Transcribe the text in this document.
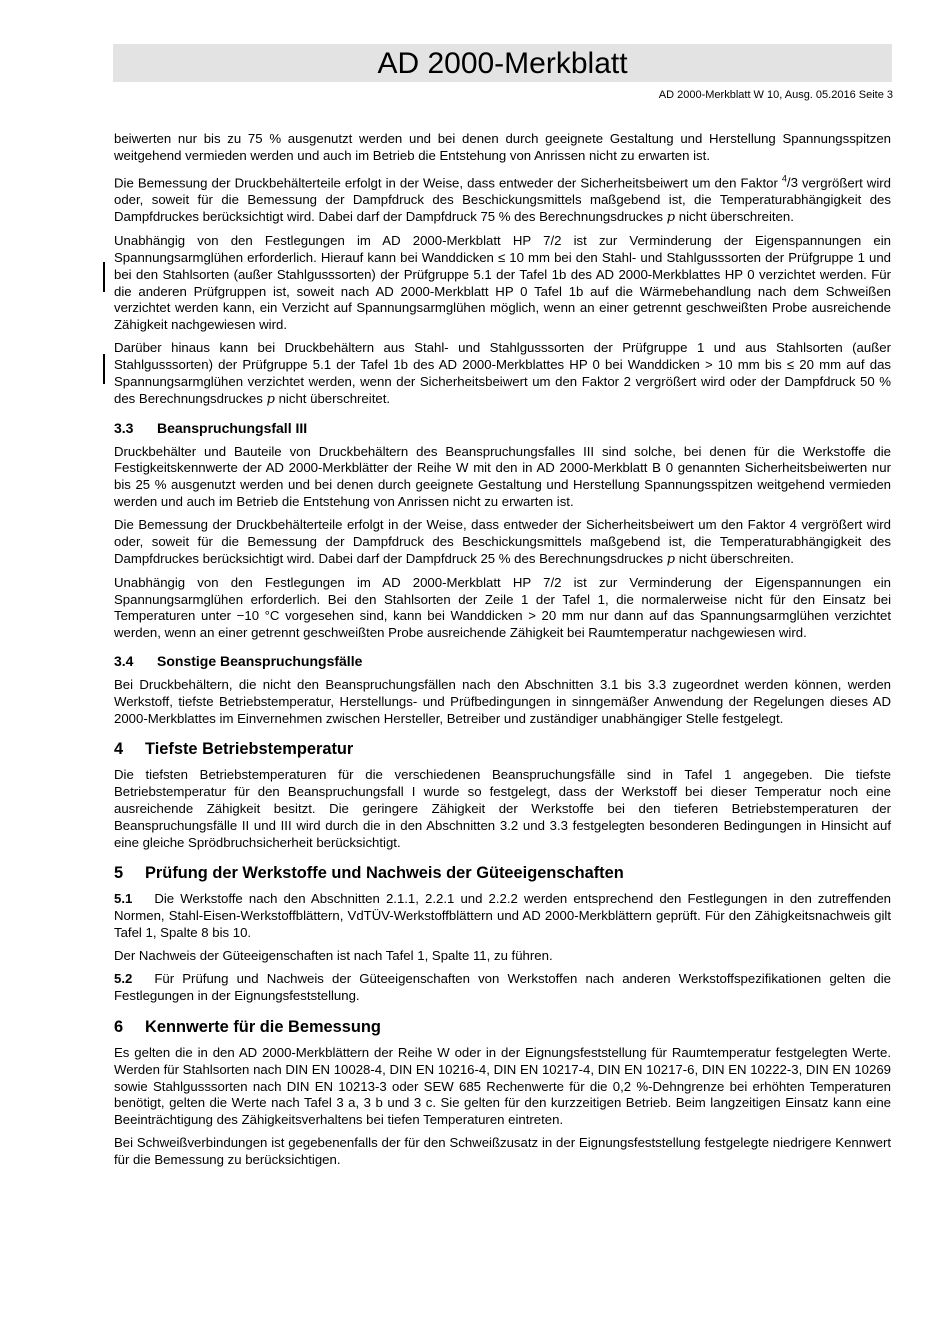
AD 2000-Merkblatt
AD 2000-Merkblatt W 10, Ausg. 05.2016 Seite 3

beiwerten nur bis zu 75 % ausgenutzt werden und bei denen durch geeignete Gestaltung und Herstellung Spannungsspitzen weitgehend vermieden werden und auch im Betrieb die Entstehung von Anrissen nicht zu erwarten ist.

Die Bemessung der Druckbehälterteile erfolgt in der Weise, dass entweder der Sicherheitsbeiwert um den Faktor $^4$/3 vergrößert wird oder, soweit für die Bemessung der Dampfdruck des Beschickungsmittels maßgebend ist, die Temperaturabhängigkeit des Dampfdruckes berücksichtigt wird. Dabei darf der Dampfdruck 75 % des Berechnungsdruckes p nicht überschreiten.

Unabhängig von den Festlegungen im AD 2000-Merkblatt HP 7/2 ist zur Verminderung der Eigenspannungen ein Spannungsarmglühen erforderlich. Hierauf kann bei Wanddicken ≤ 10 mm bei den Stahl- und Stahlgusssorten der Prüfgruppe 1 und bei den Stahlsorten (außer Stahlgusssorten) der Prüfgruppe 5.1 der Tafel 1b des AD 2000-Merkblattes HP 0 verzichtet werden. Für die anderen Prüfgruppen ist, soweit nach AD 2000-Merkblatt HP 0 Tafel 1b auf die Wärmebehandlung nach dem Schweißen verzichtet werden kann, ein Verzicht auf Spannungsarmglühen möglich, wenn an einer getrennt geschweißten Probe ausreichende Zähigkeit nachgewiesen wird.

Darüber hinaus kann bei Druckbehältern aus Stahl- und Stahlgusssorten der Prüfgruppe 1 und aus Stahlsorten (außer Stahlgusssorten) der Prüfgruppe 5.1 der Tafel 1b des AD 2000-Merkblattes HP 0 bei Wanddicken > 10 mm bis ≤ 20 mm auf das Spannungsarmglühen verzichtet werden, wenn der Sicherheitsbeiwert um den Faktor 2 vergrößert wird oder der Dampfdruck 50 % des Berechnungsdruckes p nicht überschreitet.

3.3 Beanspruchungsfall III

Druckbehälter und Bauteile von Druckbehältern des Beanspruchungsfalles III sind solche, bei denen für die Werkstoffe die Festigkeitskennwerte der AD 2000-Merkblätter der Reihe W mit den in AD 2000-Merkblatt B 0 genannten Sicherheitsbeiwerten nur bis 25 % ausgenutzt werden und bei denen durch geeignete Gestaltung und Herstellung Spannungsspitzen weitgehend vermieden werden und auch im Betrieb die Entstehung von Anrissen nicht zu erwarten ist.

Die Bemessung der Druckbehälterteile erfolgt in der Weise, dass entweder der Sicherheitsbeiwert um den Faktor 4 vergrößert wird oder, soweit für die Bemessung der Dampfdruck des Beschickungsmittels maßgebend ist, die Temperaturabhängigkeit des Dampfdruckes berücksichtigt wird. Dabei darf der Dampfdruck 25 % des Berechnungsdruckes p nicht überschreiten.

Unabhängig von den Festlegungen im AD 2000-Merkblatt HP 7/2 ist zur Verminderung der Eigenspannungen ein Spannungsarmglühen erforderlich. Bei den Stahlsorten der Zeile 1 der Tafel 1, die normalerweise nicht für den Einsatz bei Temperaturen unter −10 °C vorgesehen sind, kann bei Wanddicken > 20 mm nur dann auf das Spannungsarmglühen verzichtet werden, wenn an einer getrennt geschweißten Probe ausreichende Zähigkeit bei Raumtemperatur nachgewiesen wird.

3.4 Sonstige Beanspruchungsfälle

Bei Druckbehältern, die nicht den Beanspruchungsfällen nach den Abschnitten 3.1 bis 3.3 zugeordnet werden können, werden Werkstoff, tiefste Betriebstemperatur, Herstellungs- und Prüfbedingungen in sinngemäßer Anwendung der Regelungen dieses AD 2000-Merkblattes im Einvernehmen zwischen Hersteller, Betreiber und zuständiger unabhängiger Stelle festgelegt.

4 Tiefste Betriebstemperatur

Die tiefsten Betriebstemperaturen für die verschiedenen Beanspruchungsfälle sind in Tafel 1 angegeben. Die tiefste Betriebstemperatur für den Beanspruchungsfall I wurde so festgelegt, dass der Werkstoff bei dieser Temperatur noch eine ausreichende Zähigkeit besitzt. Die geringere Zähigkeit der Werkstoffe bei den tieferen Betriebstemperaturen der Beanspruchungsfälle II und III wird durch die in den Abschnitten 3.2 und 3.3 festgelegten besonderen Bedingungen in Hinsicht auf eine gleiche Sprödbruchsicherheit berücksichtigt.

5 Prüfung der Werkstoffe und Nachweis der Güteeigenschaften

5.1 Die Werkstoffe nach den Abschnitten 2.1.1, 2.2.1 und 2.2.2 werden entsprechend den Festlegungen in den zutreffenden Normen, Stahl-Eisen-Werkstoffblättern, VdTÜV-Werkstoffblättern und AD 2000-Merkblättern geprüft. Für den Zähigkeitsnachweis gilt Tafel 1, Spalte 8 bis 10.

Der Nachweis der Güteeigenschaften ist nach Tafel 1, Spalte 11, zu führen.

5.2 Für Prüfung und Nachweis der Güteeigenschaften von Werkstoffen nach anderen Werkstoffspezifikationen gelten die Festlegungen in der Eignungsfeststellung.

6 Kennwerte für die Bemessung

Es gelten die in den AD 2000-Merkblättern der Reihe W oder in der Eignungsfeststellung für Raumtemperatur festgelegten Werte. Werden für Stahlsorten nach DIN EN 10028-4, DIN EN 10216-4, DIN EN 10217-4, DIN EN 10217-6, DIN EN 10222-3, DIN EN 10269 sowie Stahlgusssorten nach DIN EN 10213-3 oder SEW 685 Rechenwerte für die 0,2 %-Dehngrenze bei erhöhten Temperaturen benötigt, gelten die Werte nach Tafel 3 a, 3 b und 3 c. Sie gelten für den kurzzeitigen Betrieb. Beim langzeitigen Einsatz kann eine Beeinträchtigung des Zähigkeitsverhaltens bei tiefen Temperaturen eintreten.

Bei Schweißverbindungen ist gegebenenfalls der für den Schweißzusatz in der Eignungsfeststellung festgelegte niedrigere Kennwert für die Bemessung zu berücksichtigen.
